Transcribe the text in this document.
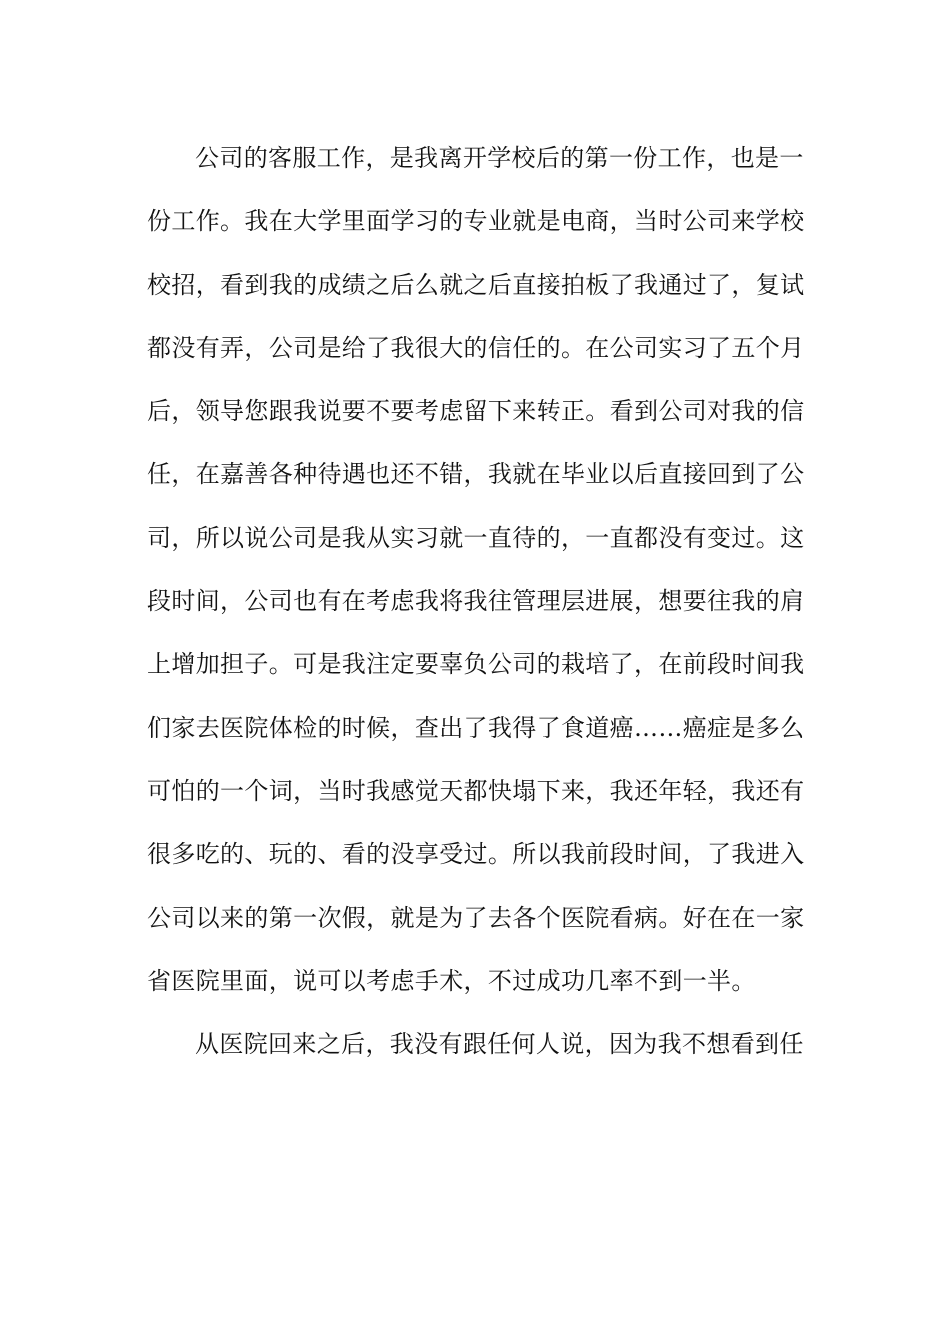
公司的客服工作，是我离开学校后的第一份工作，也是一
份工作。我在大学里面学习的专业就是电商，当时公司来学校
校招，看到我的成绩之后么就之后直接拍板了我通过了，复试
都没有弄，公司是给了我很大的信任的。在公司实习了五个月
后，领导您跟我说要不要考虑留下来转正。看到公司对我的信
任，在嘉善各种待遇也还不错，我就在毕业以后直接回到了公
司，所以说公司是我从实习就一直待的，一直都没有变过。这
段时间，公司也有在考虑我将我往管理层进展，想要往我的肩
上增加担子。可是我注定要辜负公司的栽培了，在前段时间我
们家去医院体检的时候，查出了我得了食道癌……癌症是多么
可怕的一个词，当时我感觉天都快塌下来，我还年轻，我还有
很多吃的、玩的、看的没享受过。所以我前段时间，了我进入
公司以来的第一次假，就是为了去各个医院看病。好在在一家
省医院里面，说可以考虑手术，不过成功几率不到一半。
从医院回来之后，我没有跟任何人说，因为我不想看到任
